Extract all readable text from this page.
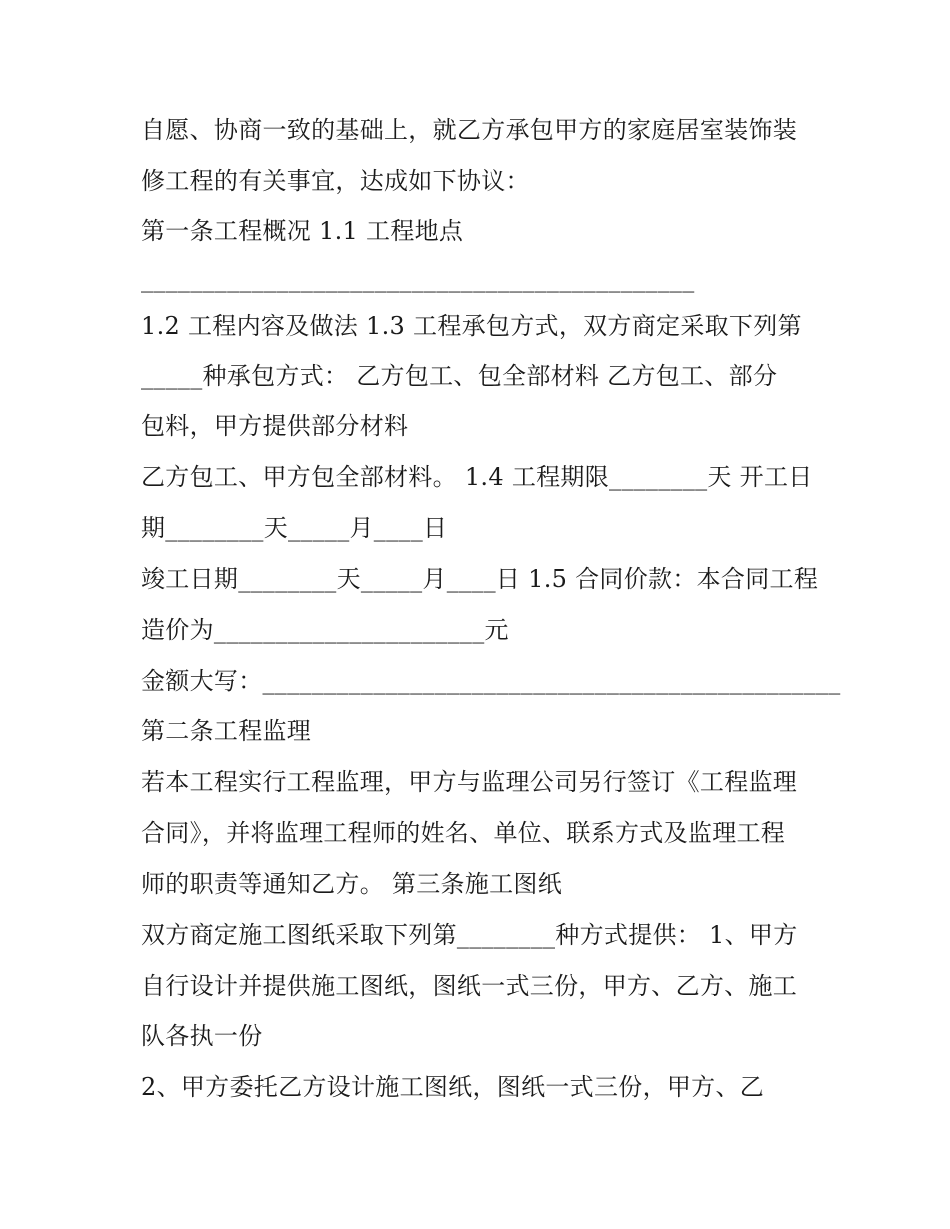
自愿、协商一致的基础上，就乙方承包甲方的家庭居室装饰装
修工程的有关事宜，达成如下协议：
第一条工程概况 1.1 工程地点
_____________________________________________
1.2 工程内容及做法 1.3 工程承包方式，双方商定采取下列第
_____种承包方式： 乙方包工、包全部材料 乙方包工、部分
包料，甲方提供部分材料
乙方包工、甲方包全部材料。 1.4 工程期限________天 开工日
期________天_____月____日
竣工日期________天_____月____日 1.5 合同价款：本合同工程
造价为______________________元
金额大写：_______________________________________________
第二条工程监理
若本工程实行工程监理，甲方与监理公司另行签订《工程监理
合同》，并将监理工程师的姓名、单位、联系方式及监理工程
师的职责等通知乙方。 第三条施工图纸
双方商定施工图纸采取下列第________种方式提供： 1、甲方
自行设计并提供施工图纸，图纸一式三份，甲方、乙方、施工
队各执一份
2、甲方委托乙方设计施工图纸，图纸一式三份，甲方、乙
